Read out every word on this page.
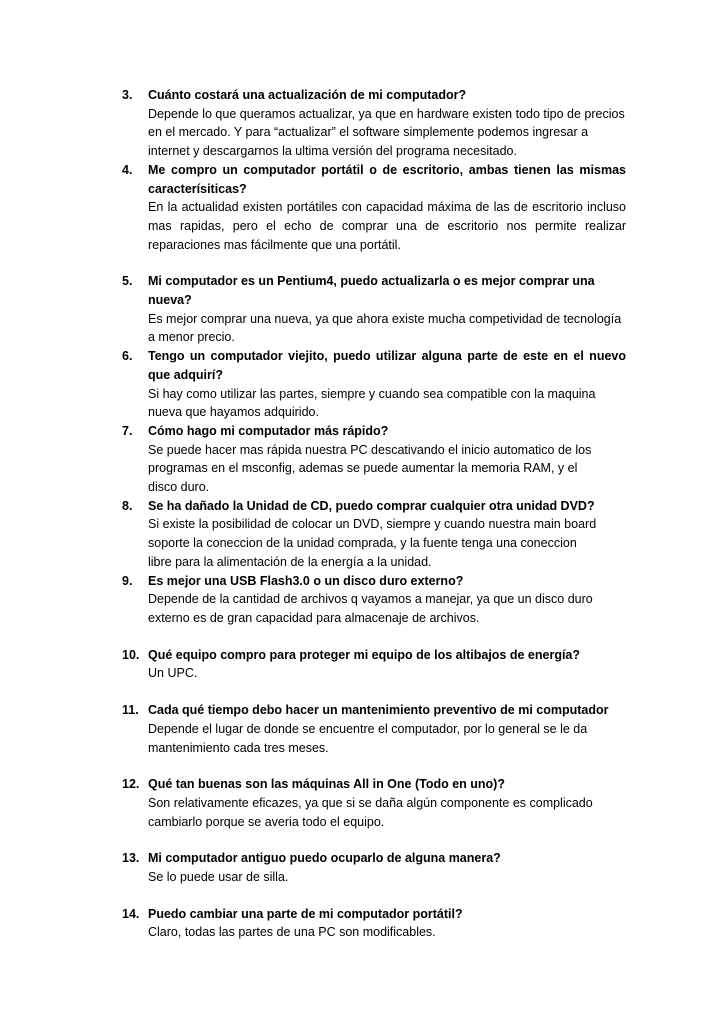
3. Cuánto costará una actualización de mi computador?
Depende lo que queramos actualizar, ya que en hardware existen todo tipo de precios en el mercado. Y para “actualizar” el software simplemente podemos ingresar a internet y descargarnos la ultima versión del programa necesitado.
4. Me compro un computador portátil o de escritorio, ambas tienen las mismas caracterísiticas?
En la actualidad existen portátiles con capacidad máxima de las de escritorio incluso mas rapidas, pero el echo de comprar una de escritorio nos permite realizar reparaciones mas fácilmente que una portátil.
5. Mi computador es un Pentium4, puedo actualizarla o es mejor comprar una nueva?
Es mejor comprar una nueva, ya que ahora existe mucha competividad de tecnología a menor precio.
6. Tengo un computador viejito, puedo utilizar alguna parte de este en el nuevo que adquirí?
Si hay como utilizar las partes, siempre y cuando sea compatible con la maquina nueva que hayamos adquirido.
7. Cómo hago mi computador más rápido?
Se puede hacer mas rápida nuestra PC descativando el inicio automatico de los programas en el msconfig, ademas se puede aumentar la memoria RAM, y el disco duro.
8. Se ha dañado la Unidad de CD, puedo comprar cualquier otra unidad DVD?
Si existe la posibilidad de colocar un DVD, siempre y cuando nuestra main board soporte la coneccion de la unidad comprada, y la fuente tenga una coneccion libre para la alimentación de la energía a la unidad.
9. Es mejor una USB Flash3.0 o un disco duro externo?
Depende de la cantidad de archivos q vayamos a manejar, ya que un disco duro externo es de gran capacidad para almacenaje de archivos.
10. Qué equipo compro para proteger mi equipo de los altibajos de energía?
Un UPC.
11. Cada qué tiempo debo hacer un mantenimiento preventivo de mi computador
Depende el lugar de donde se encuentre el computador, por lo general se le da mantenimiento cada tres meses.
12. Qué tan buenas son las máquinas All in One (Todo en uno)?
Son relativamente eficazes, ya que si se daña algún componente es complicado cambiarlo porque se averia todo el equipo.
13. Mi computador antiguo puedo ocuparlo de alguna manera?
Se lo puede usar de silla.
14. Puedo cambiar una parte de mi computador portátil?
Claro, todas las partes de una PC son modificables.
